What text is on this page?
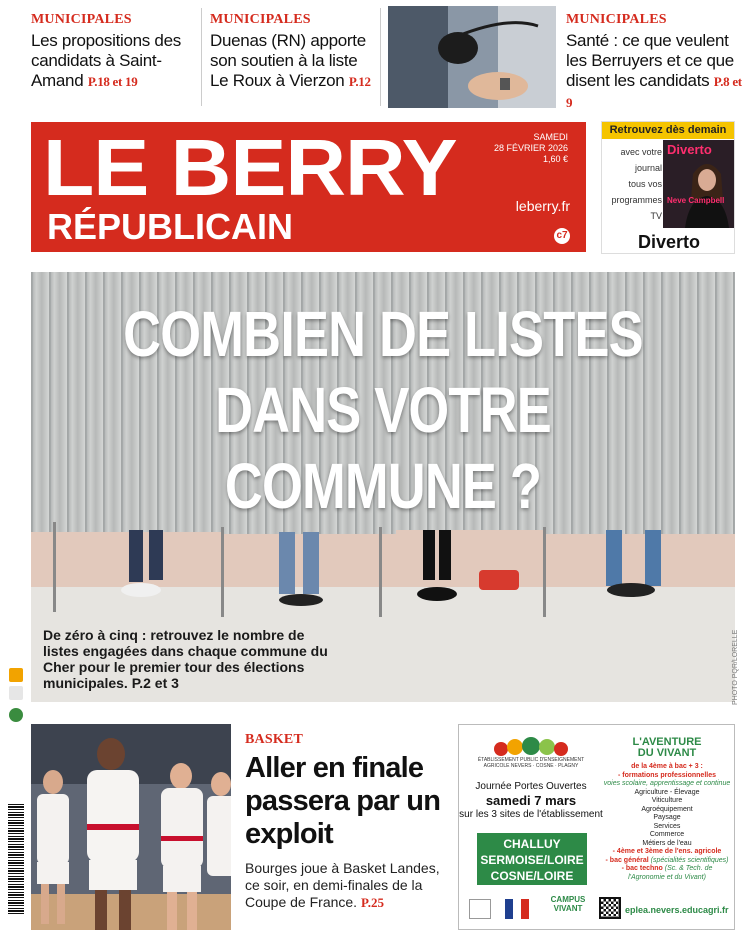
MUNICIPALES
Les propositions des candidats à Saint-Amand P.18 et 19
MUNICIPALES
Duenas (RN) apporte son soutien à la liste Le Roux à Vierzon P.12
MUNICIPALES
Santé : ce que veulent les Berruyers et ce que disent les candidats P.8 et 9
LE BERRY
RÉPUBLICAIN
SAMEDI
28 FÉVRIER 2026
1,60 €
leberry.fr
c7
Retrouvez dès demain
avec votre
journal
tous vos
programmes
TV
Diverto
Neve Campbell
Diverto
COMBIEN DE LISTES
DANS VOTRE COMMUNE ?
De zéro à cinq : retrouvez le nombre de listes engagées dans chaque commune du Cher pour le premier tour des élections municipales. P.2 et 3	PHOTO PQR/LORELLE
BASKET
Aller en finale passera par un exploit
Bourges joue à Basket Landes, ce soir, en demi-finales de la Coupe de France. P.25
ÉTABLISSEMENT PUBLIC D'ENSEIGNEMENT AGRICOLE NEVERS · COSNE · PLAGNY
Journée Portes Ouvertes
samedi 7 mars
sur les 3 sites de l'établissement
CHALLUY
SERMOISE/LOIRE
COSNE/LOIRE
CAMPUS VIVANT
L'AVENTURE
DU VIVANT
de la 4ème à bac + 3 :
- formations professionnelles
voies scolaire, apprentissage et continue
Agriculture - Élevage
Viticulture
Agroéquipement
Paysage
Services
Commerce
Métiers de l'eau
- 4ème et 3ème de l'ens. agricole
- bac général (spécialités scientifiques)
- bac techno (Sc. & Tech. de l'Agronomie et du Vivant)
eplea.nevers.educagri.fr
